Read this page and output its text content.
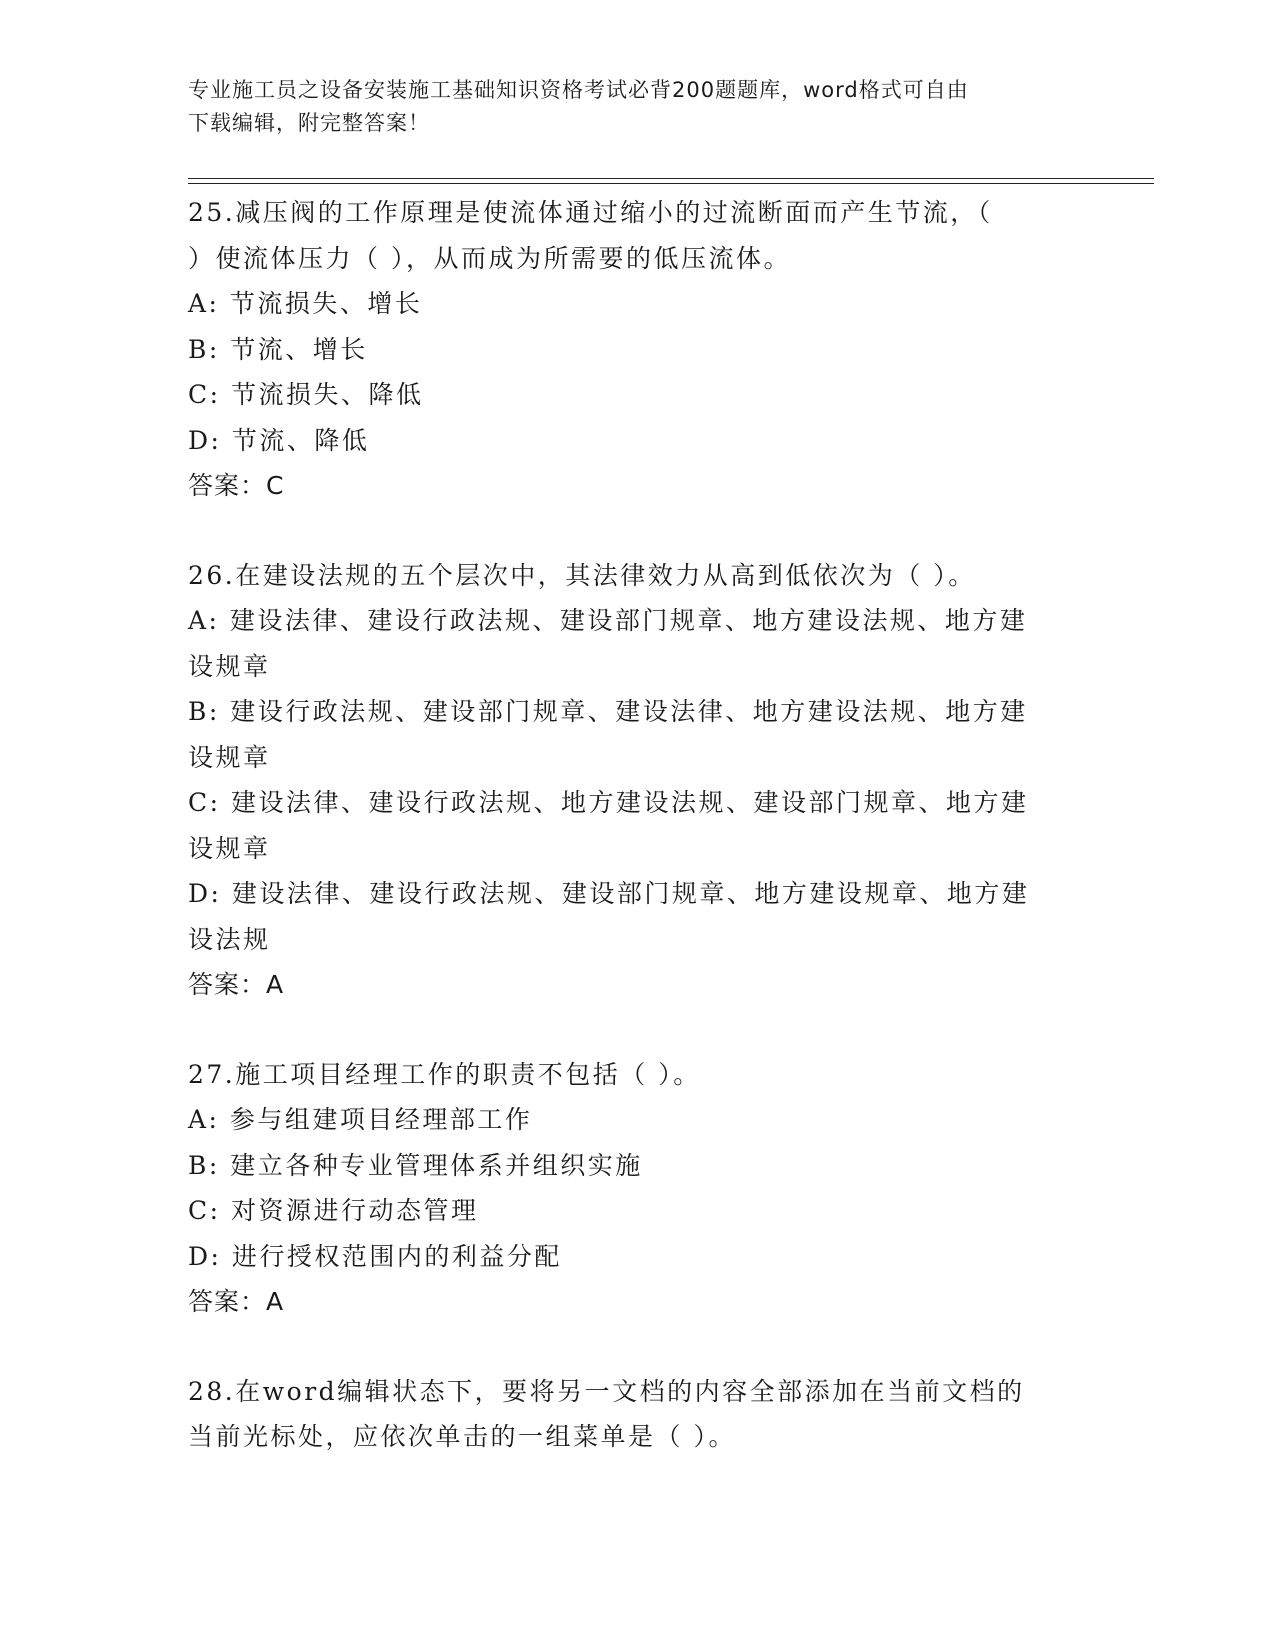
专业施工员之设备安装施工基础知识资格考试必背200题题库，word格式可自由
下载编辑，附完整答案！
25.减压阀的工作原理是使流体通过缩小的过流断面而产生节流，（
）使流体压力（ ），从而成为所需要的低压流体。
A: 节流损失、增长
B: 节流、增长
C: 节流损失、降低
D: 节流、降低
答案：C
26.在建设法规的五个层次中，其法律效力从高到低依次为（ ）。
A: 建设法律、建设行政法规、建设部门规章、地方建设法规、地方建
设规章
B: 建设行政法规、建设部门规章、建设法律、地方建设法规、地方建
设规章
C: 建设法律、建设行政法规、地方建设法规、建设部门规章、地方建
设规章
D: 建设法律、建设行政法规、建设部门规章、地方建设规章、地方建
设法规
答案：A
27.施工项目经理工作的职责不包括（ ）。
A: 参与组建项目经理部工作
B: 建立各种专业管理体系并组织实施
C: 对资源进行动态管理
D: 进行授权范围内的利益分配
答案：A
28.在word编辑状态下，要将另一文档的内容全部添加在当前文档的
当前光标处，应依次单击的一组菜单是（ ）。
